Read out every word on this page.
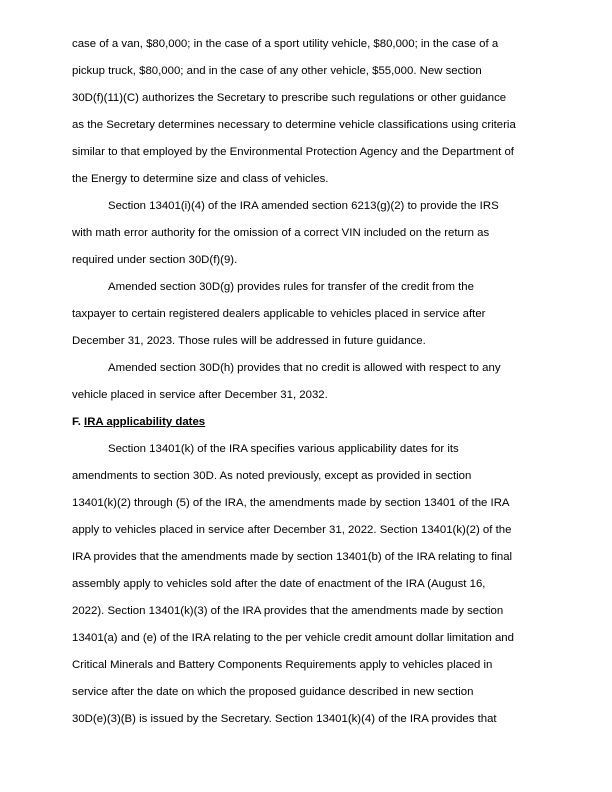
case of a van, $80,000; in the case of a sport utility vehicle, $80,000; in the case of a
pickup truck, $80,000; and in the case of any other vehicle, $55,000. New section
30D(f)(11)(C) authorizes the Secretary to prescribe such regulations or other guidance
as the Secretary determines necessary to determine vehicle classifications using criteria
similar to that employed by the Environmental Protection Agency and the Department of
the Energy to determine size and class of vehicles.
Section 13401(i)(4) of the IRA amended section 6213(g)(2) to provide the IRS
with math error authority for the omission of a correct VIN included on the return as
required under section 30D(f)(9).
Amended section 30D(g) provides rules for transfer of the credit from the
taxpayer to certain registered dealers applicable to vehicles placed in service after
December 31, 2023. Those rules will be addressed in future guidance.
Amended section 30D(h) provides that no credit is allowed with respect to any
vehicle placed in service after December 31, 2032.
F. IRA applicability dates
Section 13401(k) of the IRA specifies various applicability dates for its
amendments to section 30D. As noted previously, except as provided in section
13401(k)(2) through (5) of the IRA, the amendments made by section 13401 of the IRA
apply to vehicles placed in service after December 31, 2022. Section 13401(k)(2) of the
IRA provides that the amendments made by section 13401(b) of the IRA relating to final
assembly apply to vehicles sold after the date of enactment of the IRA (August 16,
2022). Section 13401(k)(3) of the IRA provides that the amendments made by section
13401(a) and (e) of the IRA relating to the per vehicle credit amount dollar limitation and
Critical Minerals and Battery Components Requirements apply to vehicles placed in
service after the date on which the proposed guidance described in new section
30D(e)(3)(B) is issued by the Secretary. Section 13401(k)(4) of the IRA provides that
